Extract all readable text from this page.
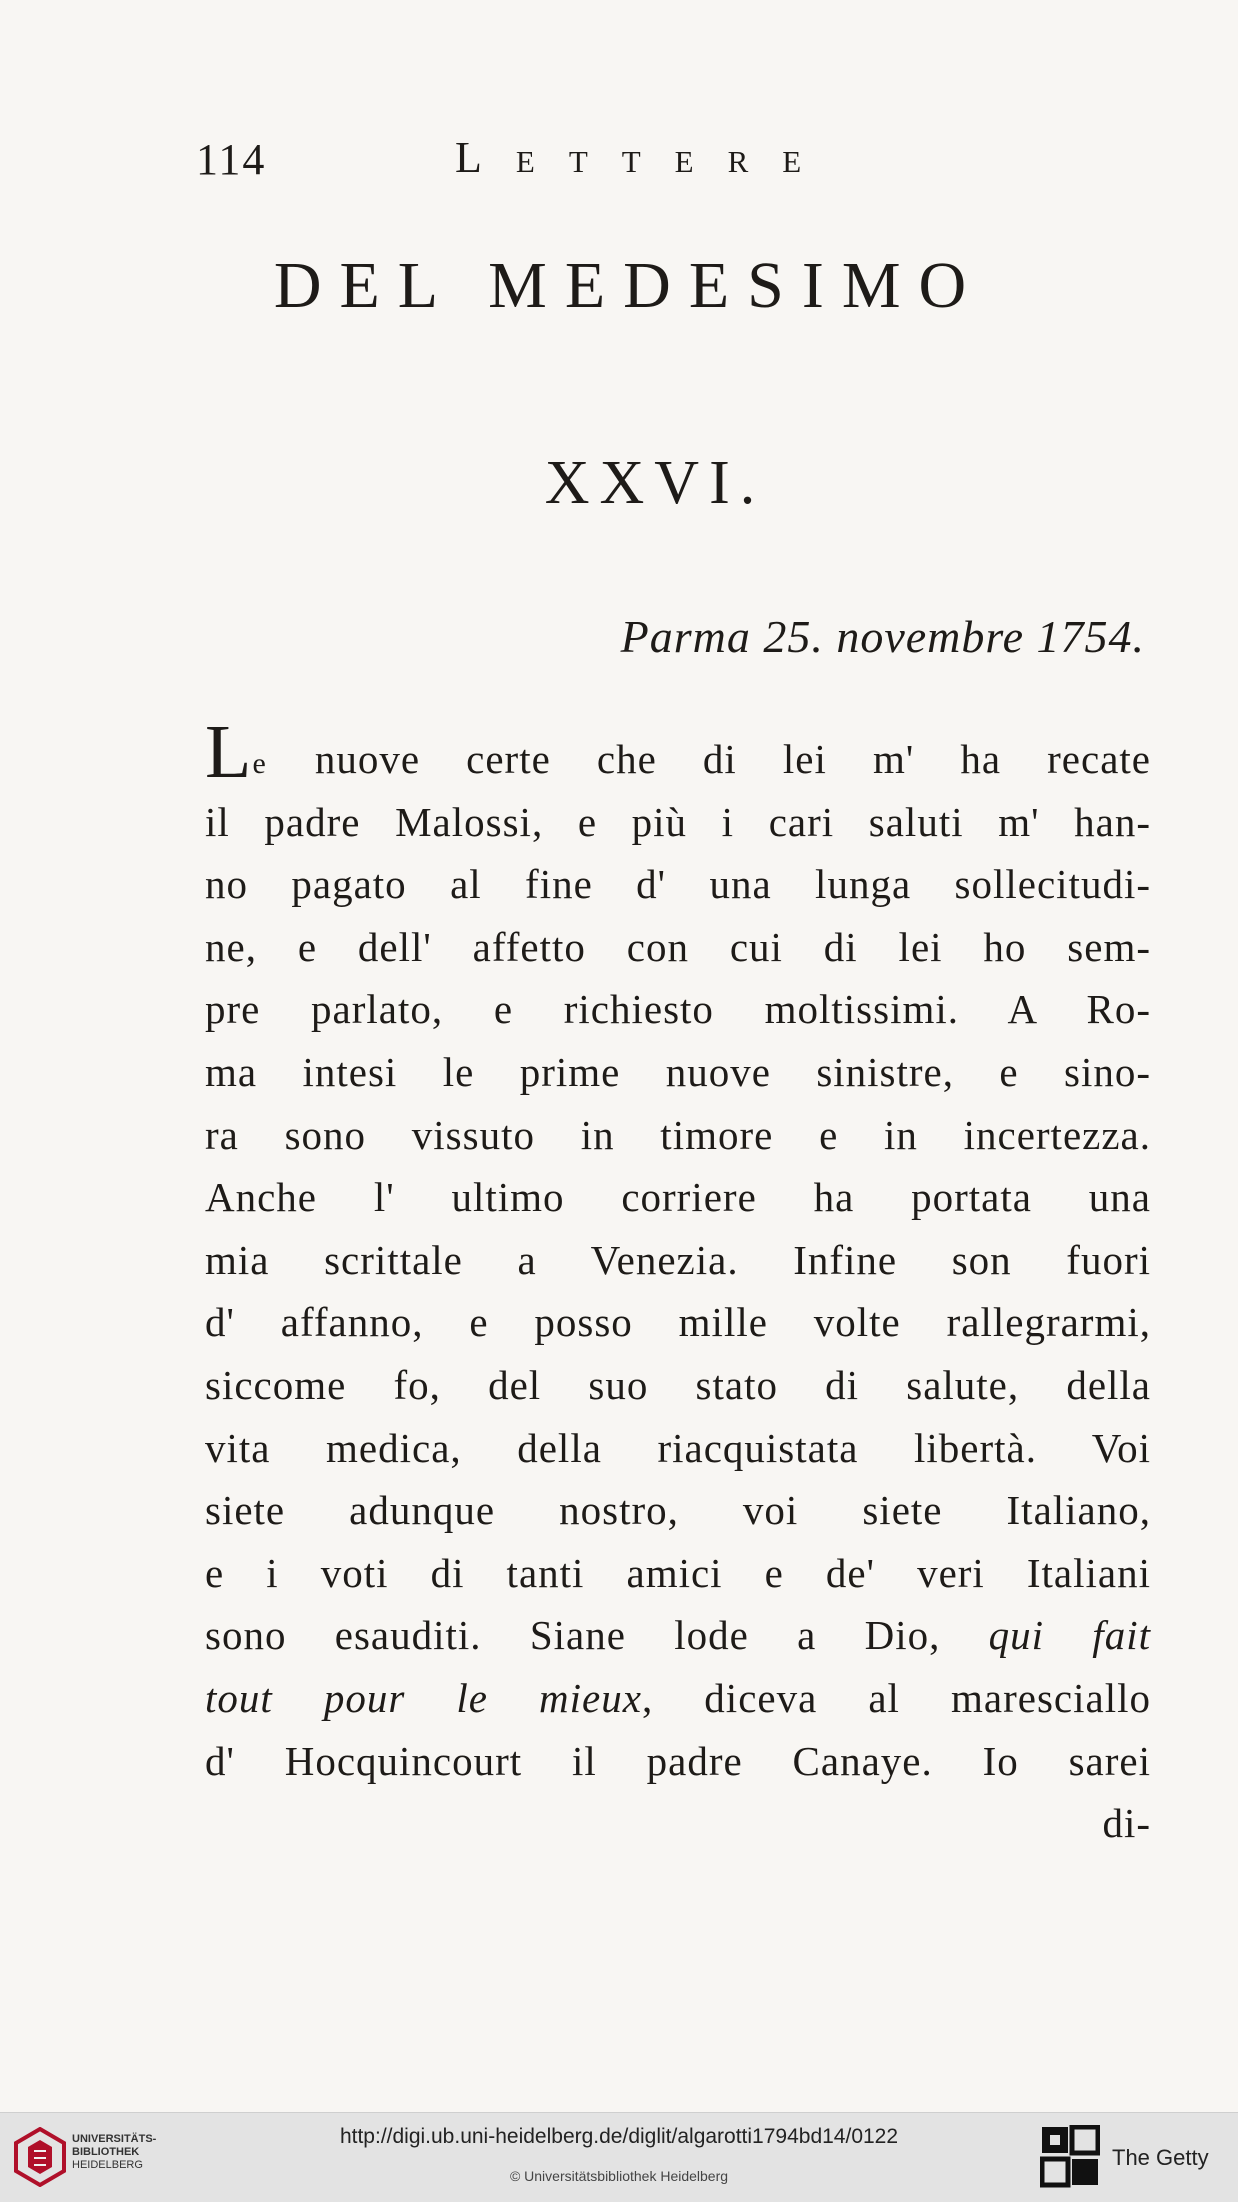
114	Lettere
DEL MEDESIMO
XXVI.
Parma 25. novembre 1754.
Le nuove certe che di lei m' ha recate
il padre Malossi, e più i cari saluti m' han-
no pagato al fine d' una lunga sollecitudi-
ne, e dell' affetto con cui di lei ho sem-
pre parlato, e richiesto moltissimi. A Ro-
ma intesi le prime nuove sinistre, e sino-
ra sono vissuto in timore e in incertezza.
Anche l' ultimo corriere ha portata una
mia scrittale a Venezia. Infine son fuori
d' affanno, e posso mille volte rallegrarmi,
siccome fo, del suo stato di salute, della
vita medica, della riacquistata libertà. Voi
siete adunque nostro, voi siete Italiano,
e i voti di tanti amici e de' veri Italiani
sono esauditi. Siane lode a Dio, qui fait
tout pour le mieux, diceva al maresciallo
d' Hocquincourt il padre Canaye. Io sarei
di-
UNIVERSITÄTS-
BIBLIOTHEK
HEIDELBERG
http://digi.ub.uni-heidelberg.de/diglit/algarotti1794bd14/0122
© Universitätsbibliothek Heidelberg
The Getty
